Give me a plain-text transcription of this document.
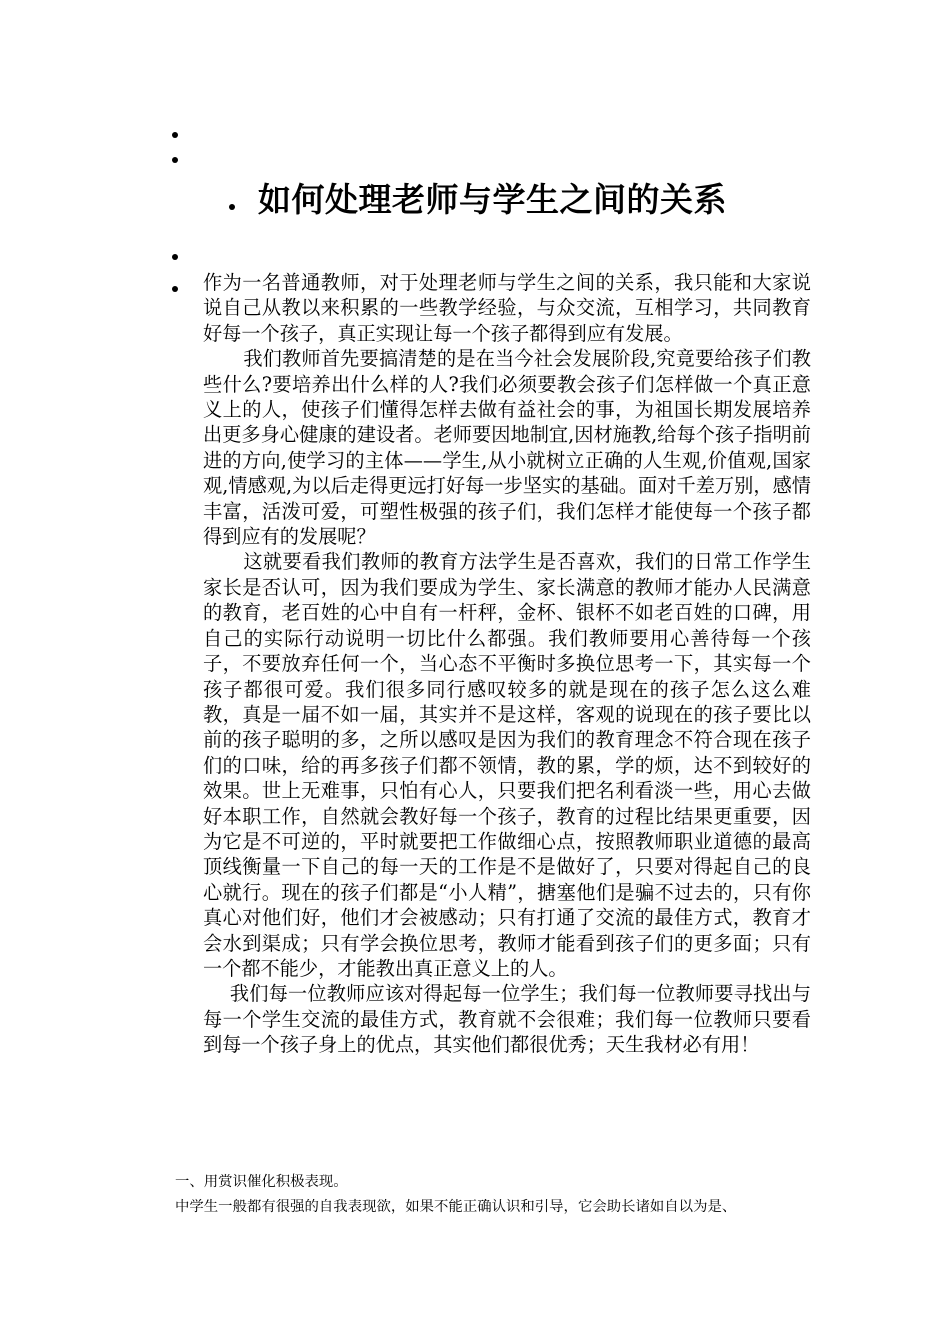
如何处理老师与学生之间的关系

作为一名普通教师，对于处理老师与学生之间的关系，我只能和大家说说自己从教以来积累的一些教学经验，与众交流，互相学习，共同教育好每一个孩子，真正实现让每一个孩子都得到应有发展。

我们教师首先要搞清楚的是在当今社会发展阶段,究竟要给孩子们教些什么?要培养出什么样的人?我们必须要教会孩子们怎样做一个真正意义上的人，使孩子们懂得怎样去做有益社会的事，为祖国长期发展培养出更多身心健康的建设者。老师要因地制宜,因材施教,给每个孩子指明前进的方向,使学习的主体——学生,从小就树立正确的人生观,价值观,国家观,情感观,为以后走得更远打好每一步坚实的基础。面对千差万别，感情丰富，活泼可爱，可塑性极强的孩子们，我们怎样才能使每一个孩子都得到应有的发展呢？

这就要看我们教师的教育方法学生是否喜欢，我们的日常工作学生家长是否认可，因为我们要成为学生、家长满意的教师才能办人民满意的教育，老百姓的心中自有一杆秤，金杯、银杯不如老百姓的口碑，用自己的实际行动说明一切比什么都强。我们教师要用心善待每一个孩子，不要放弃任何一个，当心态不平衡时多换位思考一下，其实每一个孩子都很可爱。我们很多同行感叹较多的就是现在的孩子怎么这么难教，真是一届不如一届，其实并不是这样，客观的说现在的孩子要比以前的孩子聪明的多，之所以感叹是因为我们的教育理念不符合现在孩子们的口味，给的再多孩子们都不领情，教的累，学的烦，达不到较好的效果。世上无难事，只怕有心人，只要我们把名利看淡一些，用心去做好本职工作，自然就会教好每一个孩子，教育的过程比结果更重要，因为它是不可逆的，平时就要把工作做细心点，按照教师职业道德的最高顶线衡量一下自己的每一天的工作是不是做好了，只要对得起自己的良心就行。现在的孩子们都是“小人精”，搪塞他们是骗不过去的，只有你真心对他们好，他们才会被感动；只有打通了交流的最佳方式，教育才会水到渠成；只有学会换位思考，教师才能看到孩子们的更多面；只有一个都不能少，才能教出真正意义上的人。

我们每一位教师应该对得起每一位学生；我们每一位教师要寻找出与每一个学生交流的最佳方式，教育就不会很难；我们每一位教师只要看到每一个孩子身上的优点，其实他们都很优秀；天生我材必有用！

一、用赏识催化积极表现。
中学生一般都有很强的自我表现欲，如果不能正确认识和引导，它会助长诸如自以为是、
